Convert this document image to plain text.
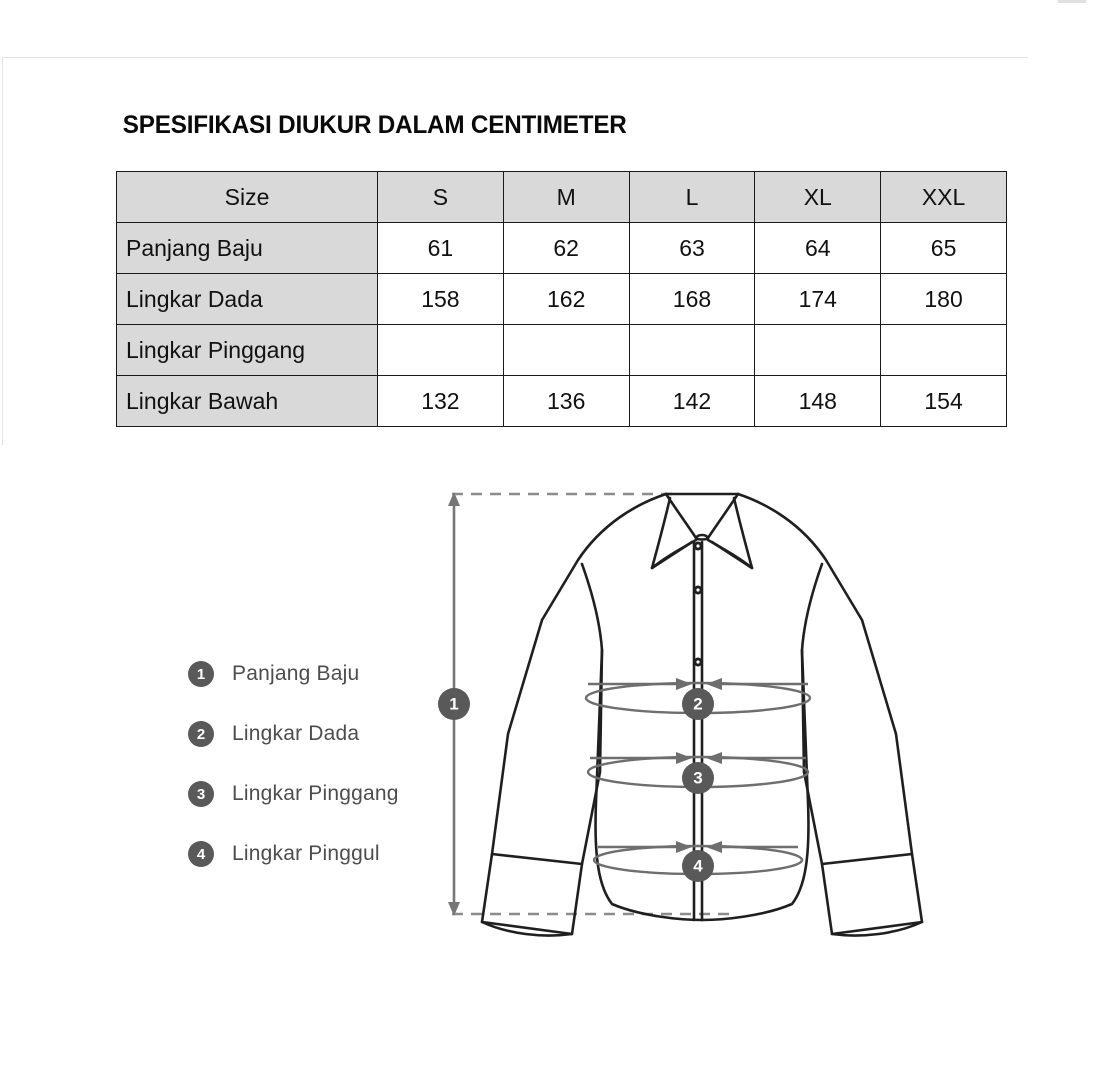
SPESIFIKASI DIUKUR DALAM CENTIMETER
Size	S	M	L	XL	XXL
Panjang Baju	61	62	63	64	65
Lingkar Dada	158	162	168	174	180
Lingkar Pinggang					
Lingkar Bawah	132	136	142	148	154
1	Panjang Baju
2	Lingkar Dada
3	Lingkar Pinggang
4	Lingkar Pinggul
1	2
3
4
